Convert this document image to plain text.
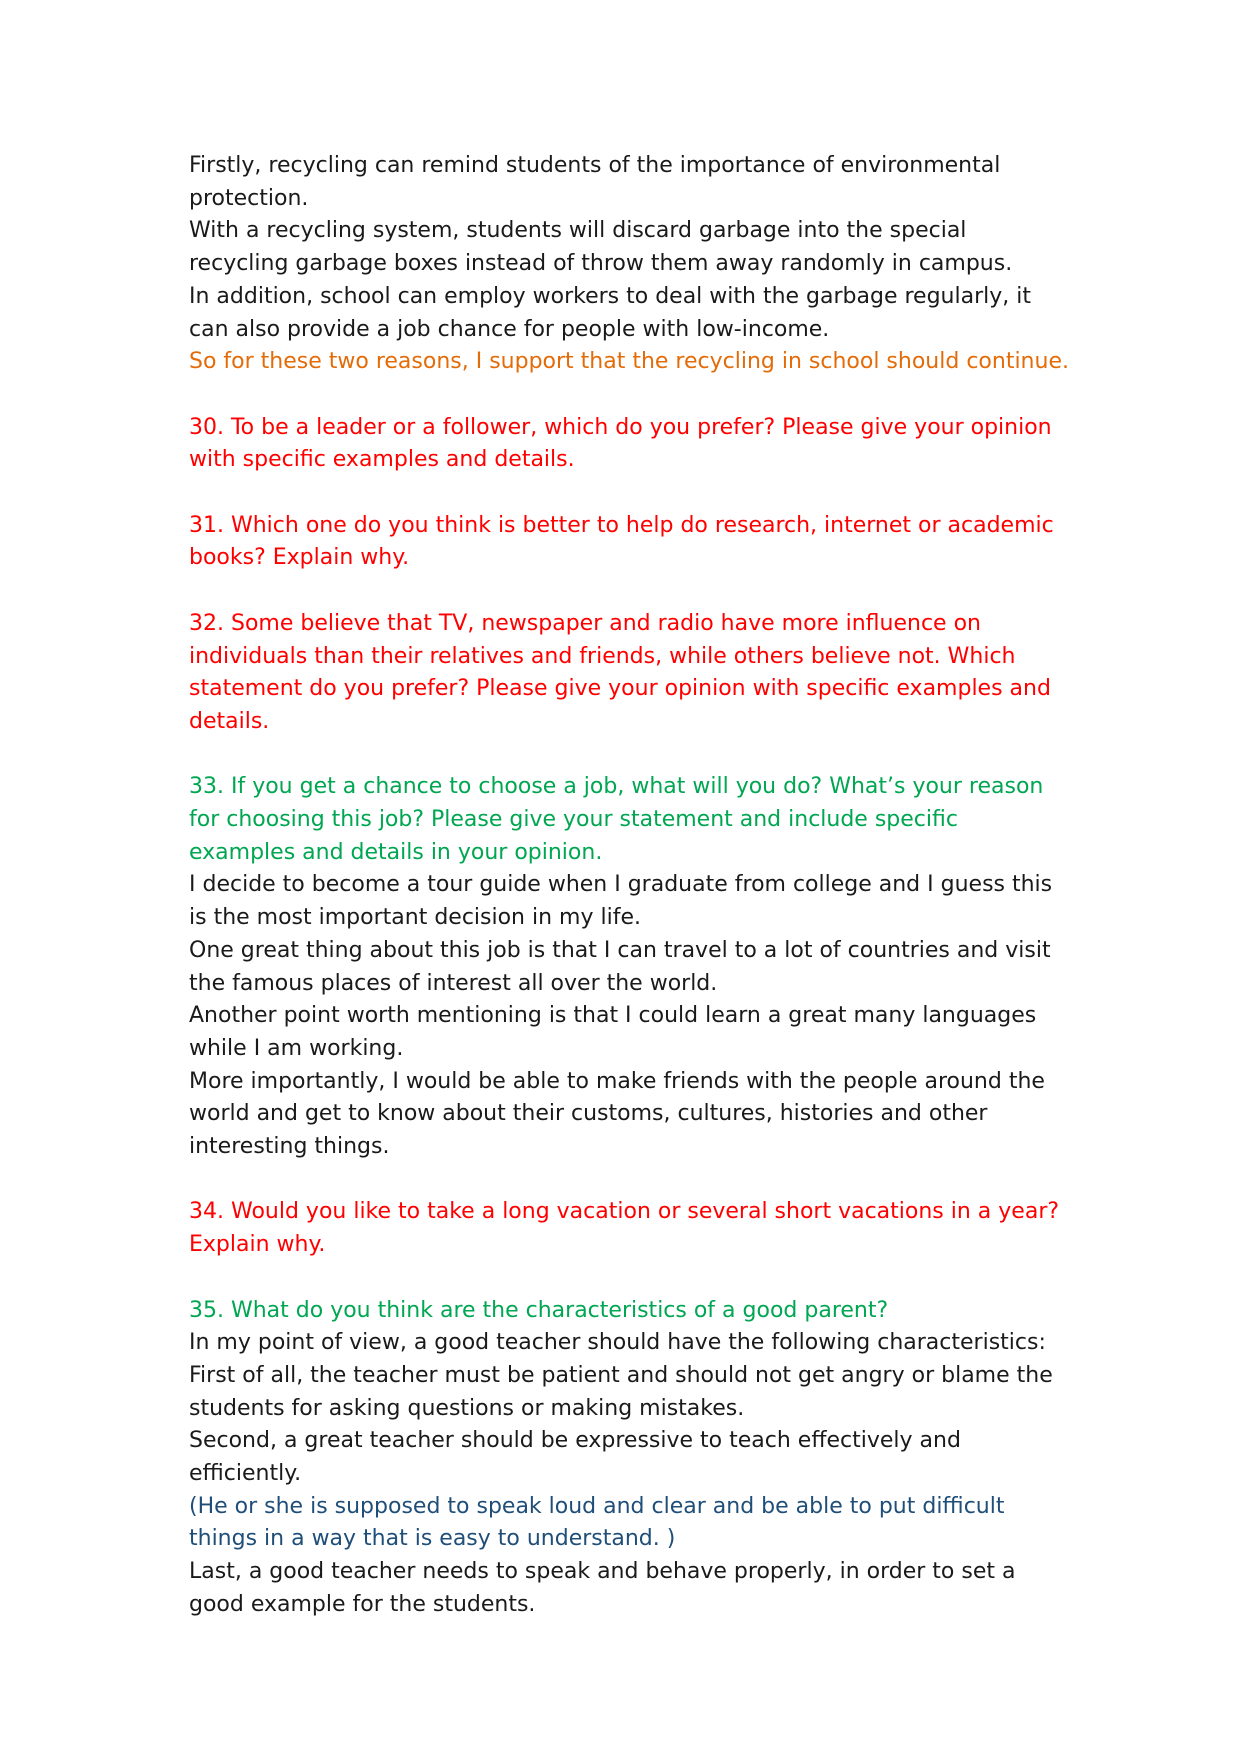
Firstly, recycling can remind students of the importance of environmental protection.

With a recycling system, students will discard garbage into the special recycling garbage boxes instead of throw them away randomly in campus.

In addition, school can employ workers to deal with the garbage regularly, it can also provide a job chance for people with low-income.

So for these two reasons, I support that the recycling in school should continue.

30. To be a leader or a follower, which do you prefer? Please give your opinion with specific examples and details.

31. Which one do you think is better to help do research, internet or academic books? Explain why.

32. Some believe that TV, newspaper and radio have more influence on individuals than their relatives and friends, while others believe not. Which statement do you prefer? Please give your opinion with specific examples and details.

33. If you get a chance to choose a job, what will you do? What’s your reason for choosing this job? Please give your statement and include specific examples and details in your opinion.

I decide to become a tour guide when I graduate from college and I guess this is the most important decision in my life.

One great thing about this job is that I can travel to a lot of countries and visit the famous places of interest all over the world.

Another point worth mentioning is that I could learn a great many languages while I am working.

More importantly, I would be able to make friends with the people around the world and get to know about their customs, cultures, histories and other interesting things.

34. Would you like to take a long vacation or several short vacations in a year? Explain why.

35. What do you think are the characteristics of a good parent?

In my point of view, a good teacher should have the following characteristics:

First of all, the teacher must be patient and should not get angry or blame the students for asking questions or making mistakes.

Second, a great teacher should be expressive to teach effectively and efficiently.

(He or she is supposed to speak loud and clear and be able to put difficult things in a way that is easy to understand. )

Last, a good teacher needs to speak and behave properly, in order to set a good example for the students.
